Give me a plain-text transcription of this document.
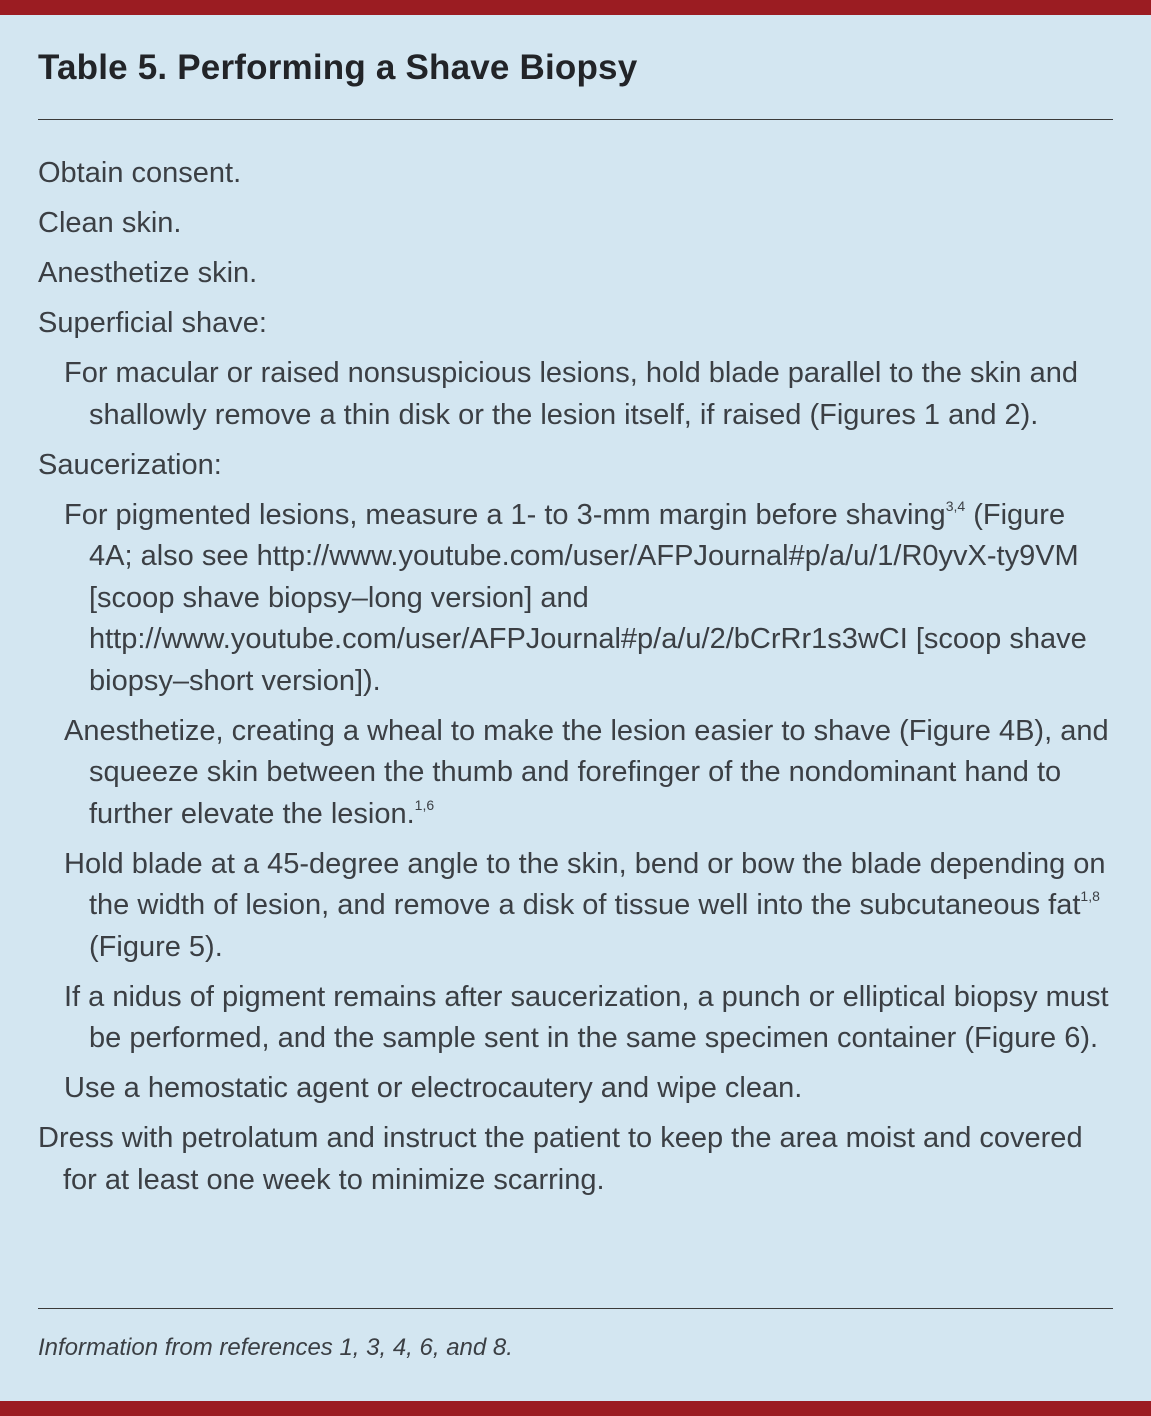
Table 5. Performing a Shave Biopsy

Obtain consent.

Clean skin.

Anesthetize skin.

Superficial shave:

For macular or raised nonsuspicious lesions, hold blade parallel to the skin and shallowly remove a thin disk or the lesion itself, if raised (Figures 1 and 2).

Saucerization:

For pigmented lesions, measure a 1- to 3-mm margin before shaving$^{3,4}$ (Figure 4A; also see http://www.youtube.com/user/AFPJournal#p/a/u/1/R0yvX-ty9VM [scoop shave biopsy–long version] and http://www.youtube.com/user/AFPJournal#p/a/u/2/bCrRr1s3wCI [scoop shave biopsy–short version]).

Anesthetize, creating a wheal to make the lesion easier to shave (Figure 4B), and squeeze skin between the thumb and forefinger of the nondominant hand to further elevate the lesion.$^{1,6}$

Hold blade at a 45-degree angle to the skin, bend or bow the blade depending on the width of lesion, and remove a disk of tissue well into the subcutaneous fat$^{1,8}$ (Figure 5).

If a nidus of pigment remains after saucerization, a punch or elliptical biopsy must be performed, and the sample sent in the same specimen container (Figure 6).

Use a hemostatic agent or electrocautery and wipe clean.

Dress with petrolatum and instruct the patient to keep the area moist and covered for at least one week to minimize scarring.

Information from references 1, 3, 4, 6, and 8.
